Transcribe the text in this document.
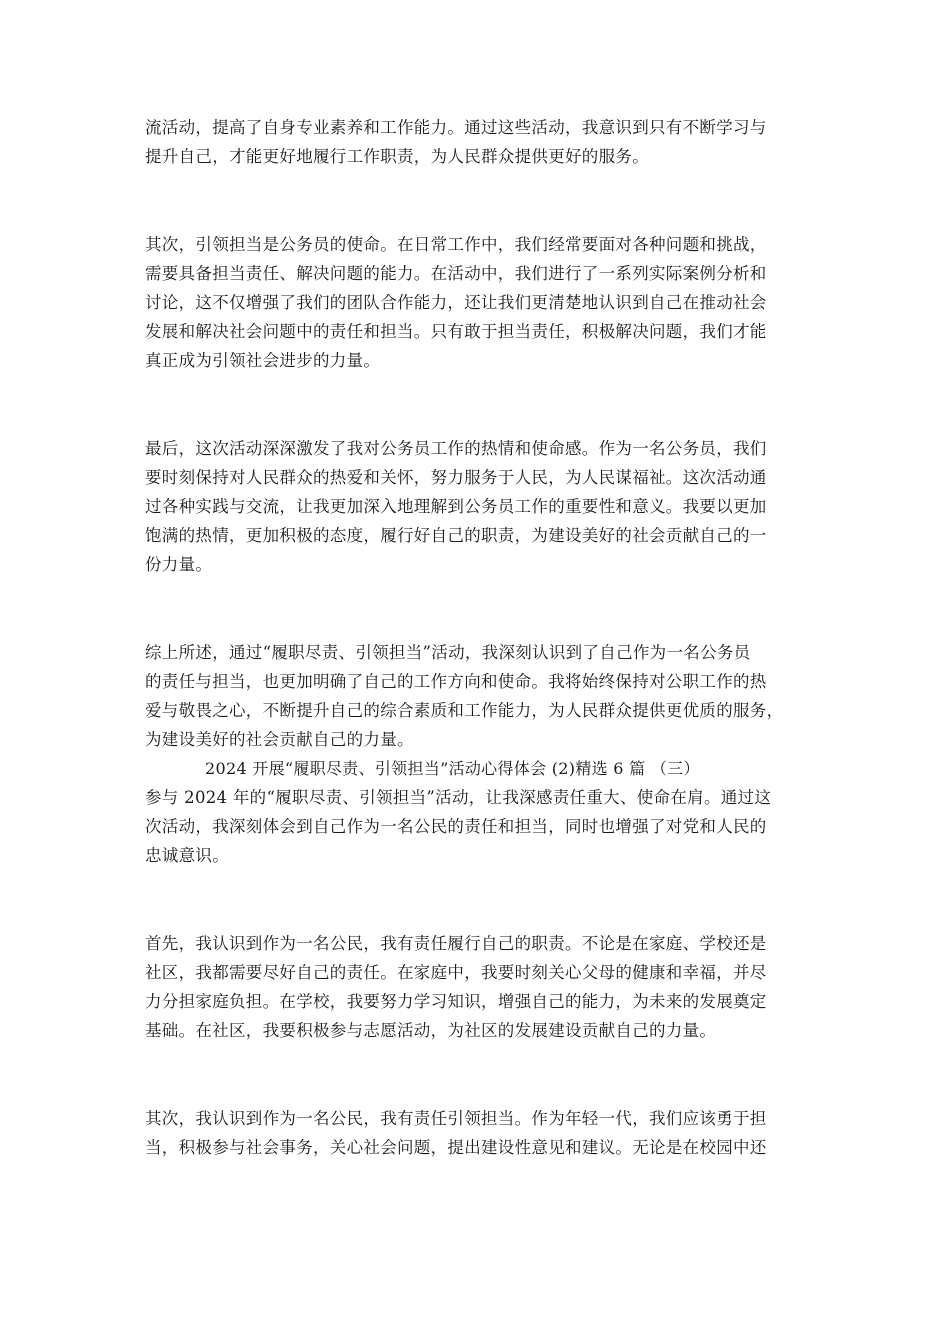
流活动，提高了自身专业素养和工作能力。通过这些活动，我意识到只有不断学习与
提升自己，才能更好地履行工作职责，为人民群众提供更好的服务。
其次，引领担当是公务员的使命。在日常工作中，我们经常要面对各种问题和挑战，
需要具备担当责任、解决问题的能力。在活动中，我们进行了一系列实际案例分析和
讨论，这不仅增强了我们的团队合作能力，还让我们更清楚地认识到自己在推动社会
发展和解决社会问题中的责任和担当。只有敢于担当责任，积极解决问题，我们才能
真正成为引领社会进步的力量。
最后，这次活动深深激发了我对公务员工作的热情和使命感。作为一名公务员，我们
要时刻保持对人民群众的热爱和关怀，努力服务于人民，为人民谋福祉。这次活动通
过各种实践与交流，让我更加深入地理解到公务员工作的重要性和意义。我要以更加
饱满的热情，更加积极的态度，履行好自己的职责，为建设美好的社会贡献自己的一
份力量。
综上所述，通过“履职尽责、引领担当”活动，我深刻认识到了自己作为一名公务员
的责任与担当，也更加明确了自己的工作方向和使命。我将始终保持对公职工作的热
爱与敬畏之心，不断提升自己的综合素质和工作能力，为人民群众提供更优质的服务，
为建设美好的社会贡献自己的力量。
2024 开展“履职尽责、引领担当”活动心得体会 (2)精选 6 篇 （三）
参与 2024 年的“履职尽责、引领担当”活动，让我深感责任重大、使命在肩。通过这
次活动，我深刻体会到自己作为一名公民的责任和担当，同时也增强了对党和人民的
忠诚意识。
首先，我认识到作为一名公民，我有责任履行自己的职责。不论是在家庭、学校还是
社区，我都需要尽好自己的责任。在家庭中，我要时刻关心父母的健康和幸福，并尽
力分担家庭负担。在学校，我要努力学习知识，增强自己的能力，为未来的发展奠定
基础。在社区，我要积极参与志愿活动，为社区的发展建设贡献自己的力量。
其次，我认识到作为一名公民，我有责任引领担当。作为年轻一代，我们应该勇于担
当，积极参与社会事务，关心社会问题，提出建设性意见和建议。无论是在校园中还
